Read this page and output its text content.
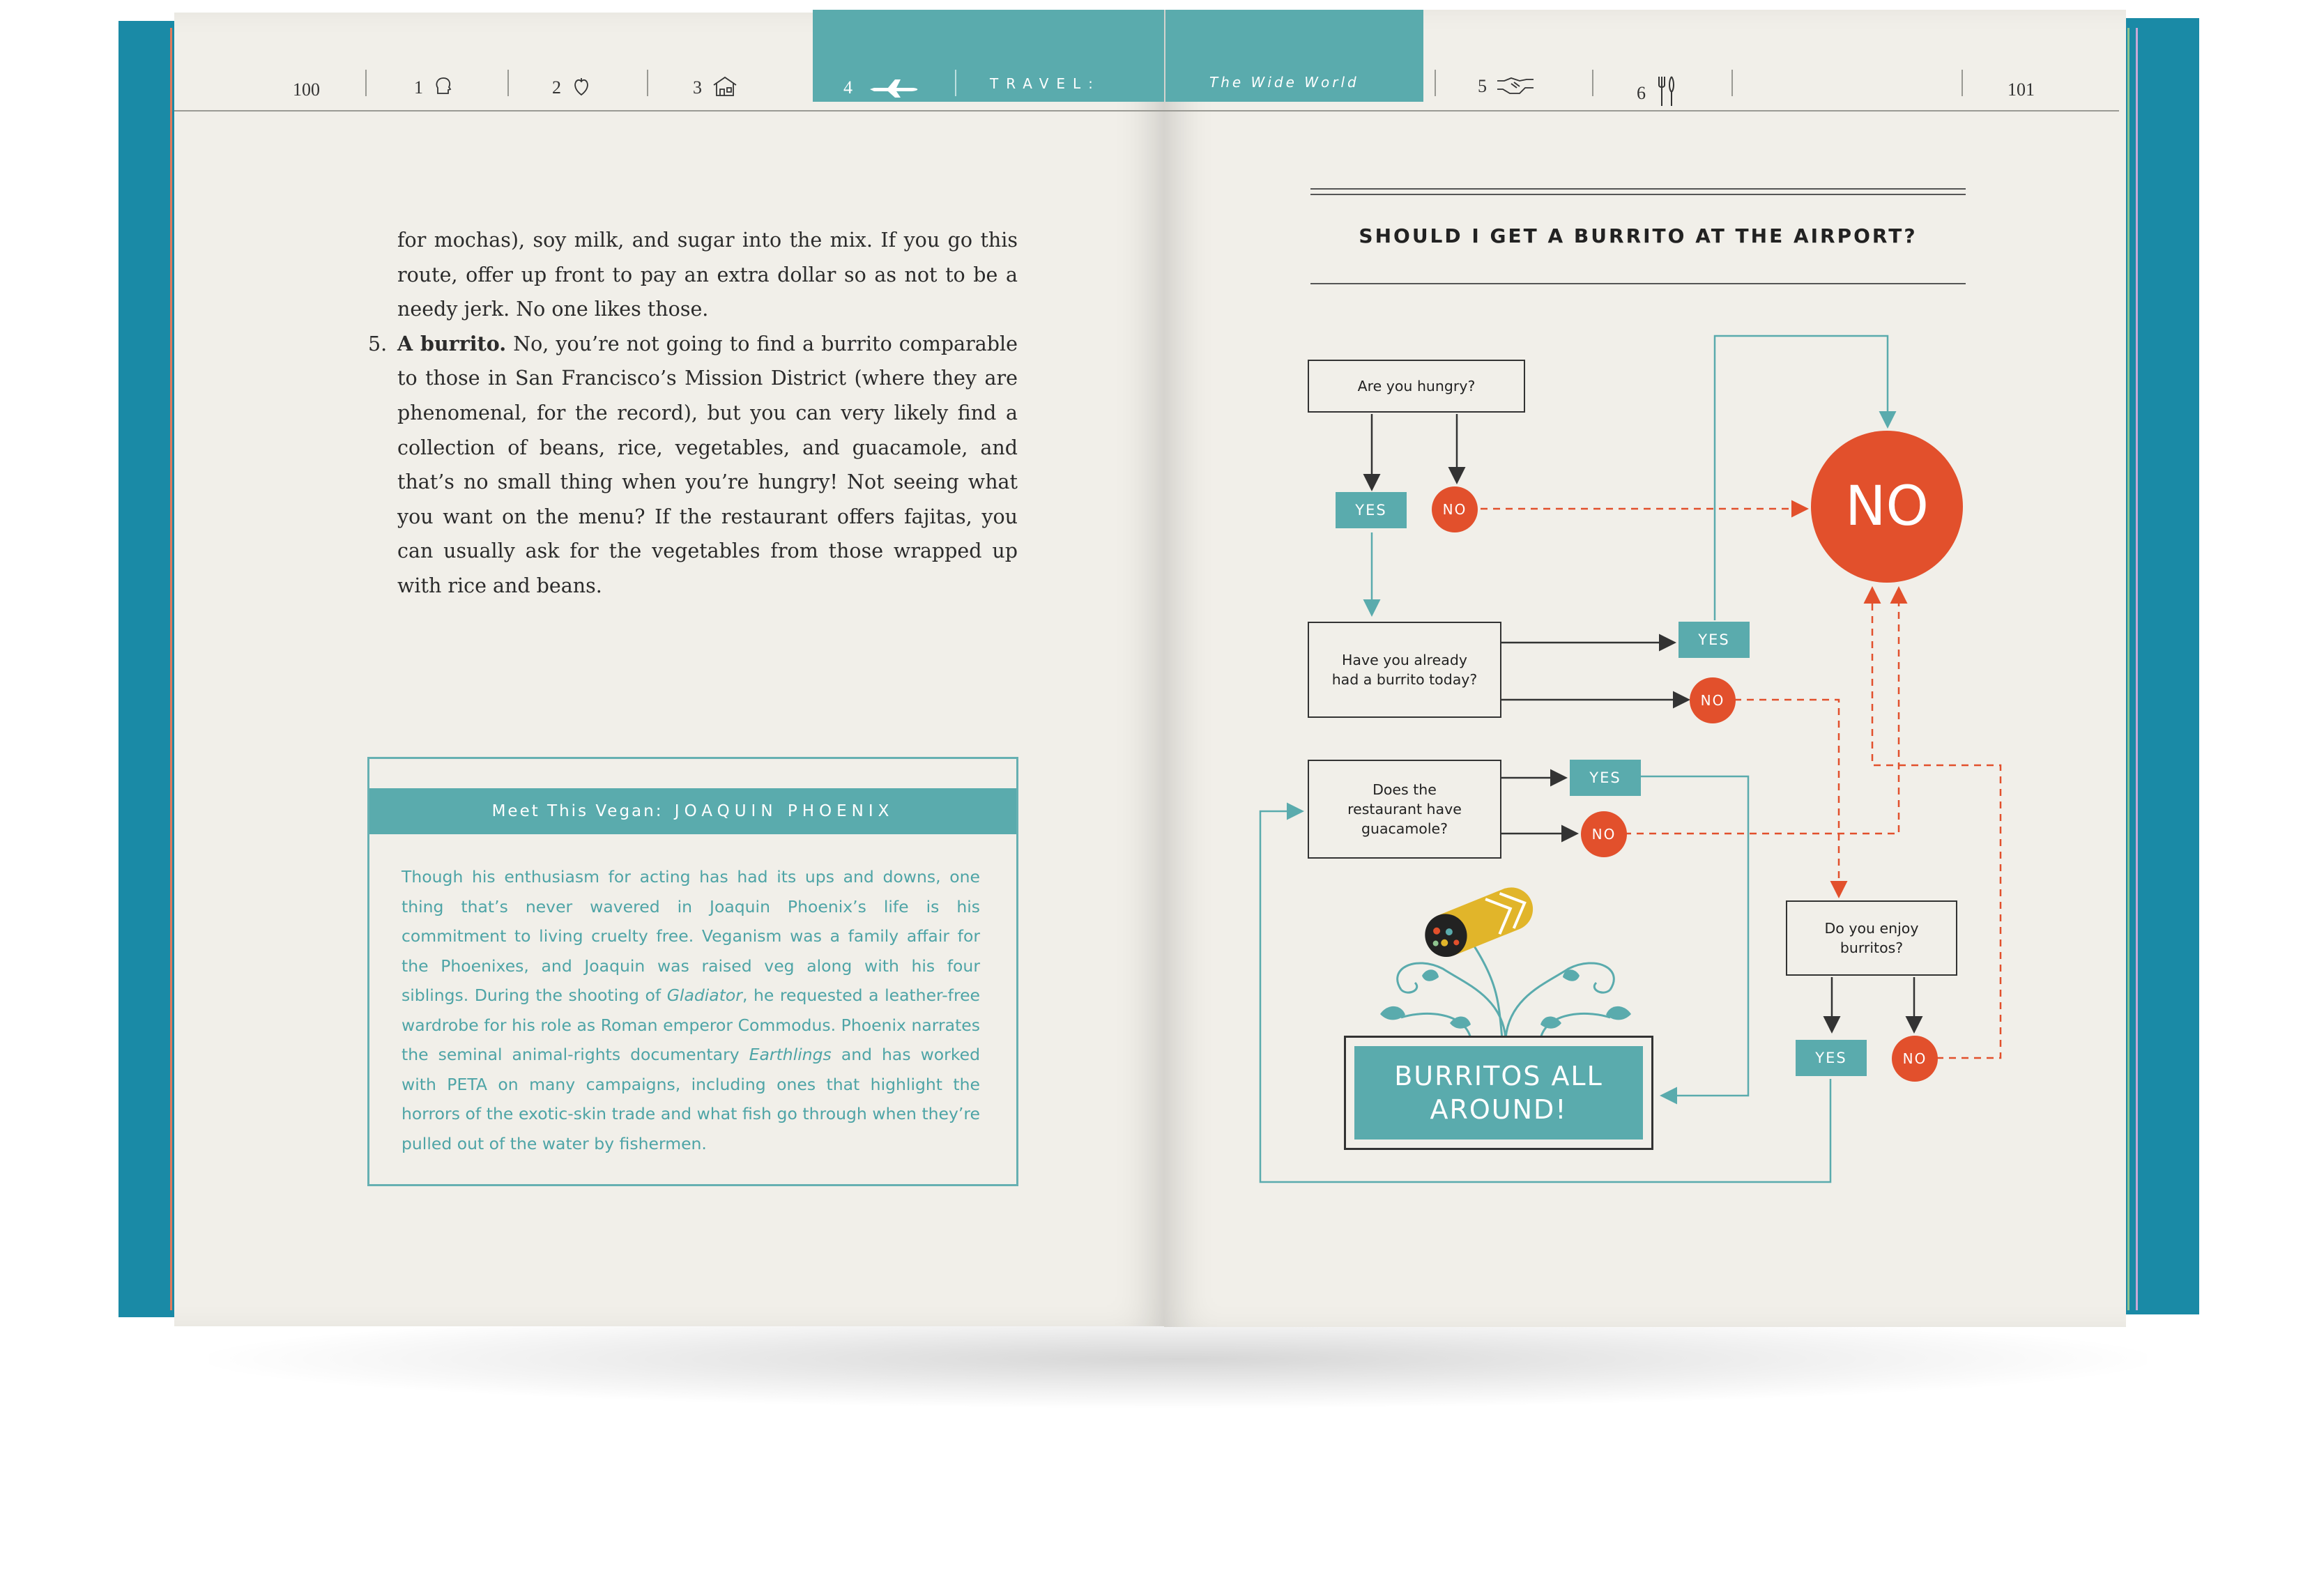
100	101
1	2	3	4	TRAVEL:	The Wide World	5	6

for mochas), soy milk, and sugar into the mix. If you go this route, offer up front to pay an extra dollar so as not to be a needy jerk. No one likes those.

5. A burrito. No, you’re not going to find a burrito comparable to those in San Francisco’s Mission District (where they are phenomenal, for the record), but you can very likely find a collection of beans, rice, vegetables, and guacamole, and that’s no small thing when you’re hungry! Not seeing what you want on the menu? If the restaurant offers fajitas, you can usually ask for the vegetables from those wrapped up with rice and beans.

Meet This Vegan: JOAQUIN PHOENIX
Though his enthusiasm for acting has had its ups and downs, one thing that’s never wavered in Joaquin Phoenix’s life is his commitment to living cruelty free. Veganism was a family affair for the Phoenixes, and Joaquin was raised veg along with his four siblings. During the shooting of Gladiator, he requested a leather-free wardrobe for his role as Roman emperor Commodus. Phoenix narrates the seminal animal-rights documentary Earthlings and has worked with PETA on many campaigns, including ones that highlight the horrors of the exotic-skin trade and what fish go through when they’re pulled out of the water by fishermen.
SHOULD I GET A BURRITO AT THE AIRPORT?
Are you hungry?
Have you already had a burrito today?
Does the restaurant have guacamole?
Do you enjoy burritos?
YES
YES
YES
YES
NO
NO
NO
NO
NO
BURRITOS ALL AROUND!
